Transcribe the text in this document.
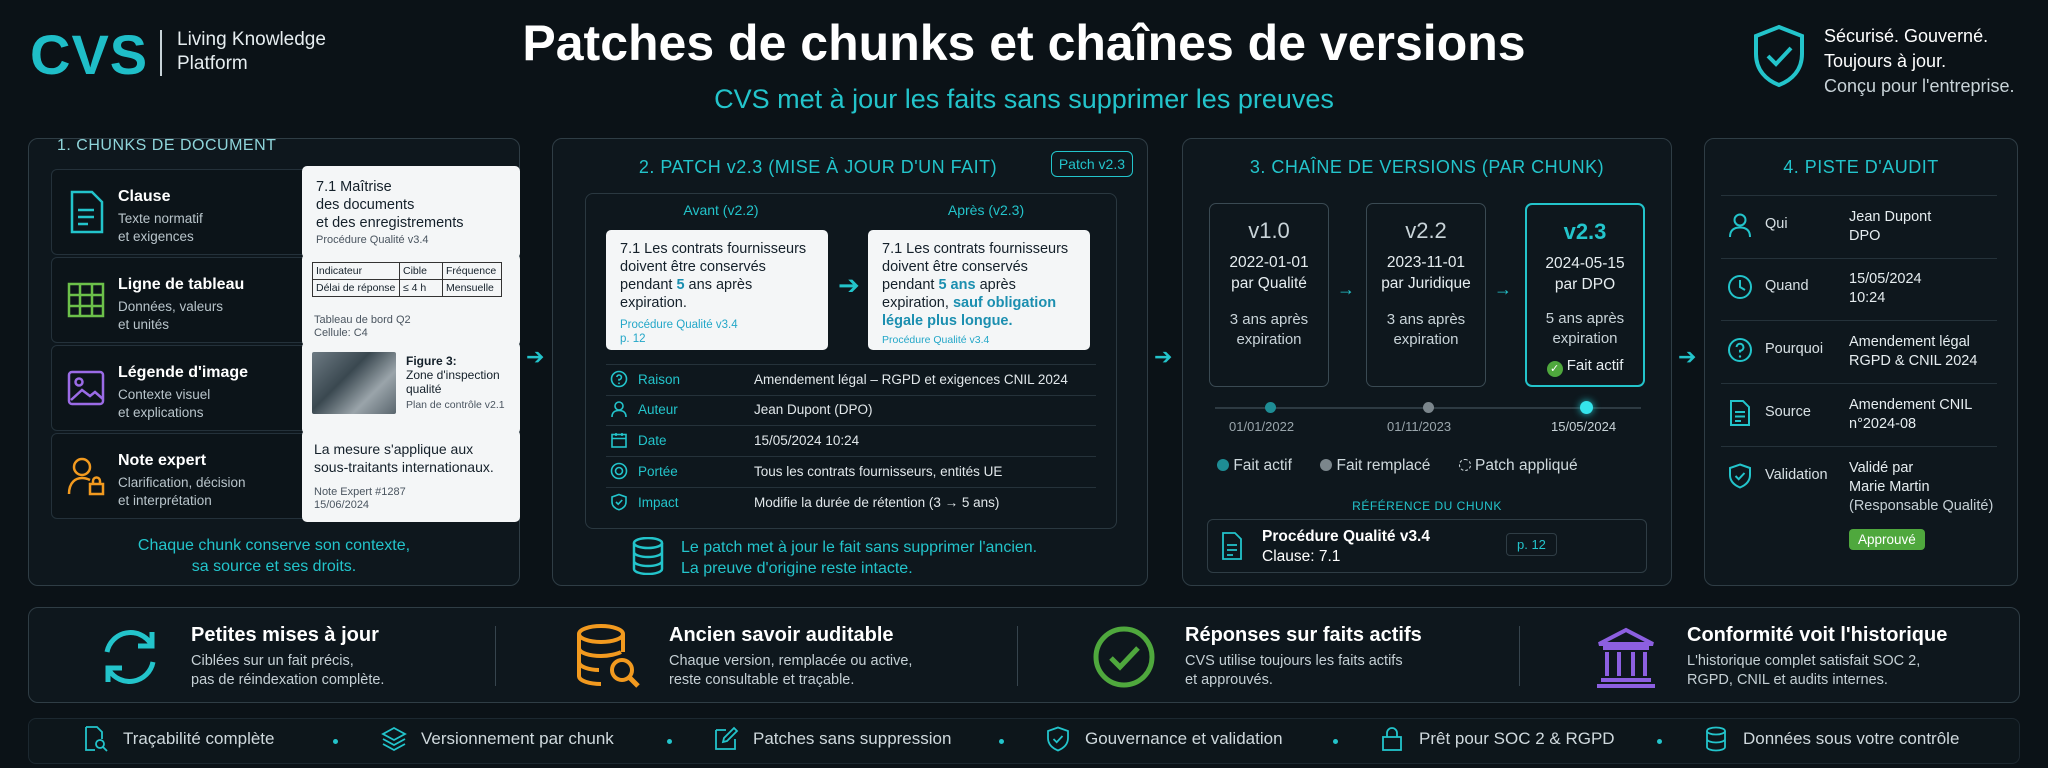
CVS Living Knowledge Platform	Patches de chunks et chaînes de versions
CVS met à jour les faits sans supprimer les preuves
Sécurisé. Gouverné.
Toujours à jour.
Conçu pour l'entreprise.
1. CHUNKS DE DOCUMENT
Clause
Texte normatif
et exigences
7.1 Maîtrise
des documents
et des enregistrements
Procédure Qualité v3.4
Ligne de tableau
Données, valeurs
et unités
Indicateur	Cible	Fréquence
Délai de réponse	≤ 4 h	Mensuelle
Tableau de bord Q2
Cellule: C4
Légende d'image
Contexte visuel
et explications
Figure 3:
Zone d'inspection
qualité
Plan de contrôle v2.1
Note expert
Clarification, décision
et interprétation
La mesure s'applique aux
sous-traitants internationaux.
Note Expert #1287
15/06/2024
Chaque chunk conserve son contexte,
sa source et ses droits.
➔
2. PATCH v2.3 (MISE À JOUR D'UN FAIT)	Patch v2.3
Avant (v2.2)	Après (v2.3)
7.1 Les contrats fournisseurs doivent être conservés pendant 5 ans après expiration.
Procédure Qualité v3.4
p. 12
➔
7.1 Les contrats fournisseurs doivent être conservés pendant 5 ans après expiration, sauf obligation légale plus longue.
Procédure Qualité v3.4
Raison	Amendement légal – RGPD et exigences CNIL 2024
Auteur	Jean Dupont (DPO)
Date	15/05/2024 10:24
Portée	Tous les contrats fournisseurs, entités UE
Impact	Modifie la durée de rétention (3 → 5 ans)
Le patch met à jour le fait sans supprimer l'ancien.
La preuve d'origine reste intacte.
➔
3. CHAÎNE DE VERSIONS (PAR CHUNK)
v1.0
2022-01-01
par Qualité
3 ans après
expiration
→
v2.2
2023-11-01
par Juridique
3 ans après
expiration
→
v2.3
2024-05-15
par DPO
5 ans après
expiration
✓ Fait actif
01/01/2022	01/11/2023	15/05/2024
Fait actif	Fait remplacé	Patch appliqué
RÉFÉRENCE DU CHUNK
Procédure Qualité v3.4
Clause: 7.1
p. 12
➔
4. PISTE D'AUDIT
Qui	Jean Dupont
DPO
Quand	15/05/2024
10:24
Pourquoi Amendement légal
RGPD & CNIL 2024
Source	Amendement CNIL
n°2024-08
Validation Validé par
Marie Martin
(Responsable Qualité)
Approuvé
Petites mises à jour
Ciblées sur un fait précis,
pas de réindexation complète.
Ancien savoir auditable
Chaque version, remplacée ou active,
reste consultable et traçable.
Réponses sur faits actifs
CVS utilise toujours les faits actifs
et approuvés.
Conformité voit l'historique
L'historique complet satisfait SOC 2,
RGPD, CNIL et audits internes.
Traçabilité complète	Versionnement par chunk	Patches sans suppression	Gouvernance et validation	Prêt pour SOC 2 & RGPD	Données sous votre contrôle
